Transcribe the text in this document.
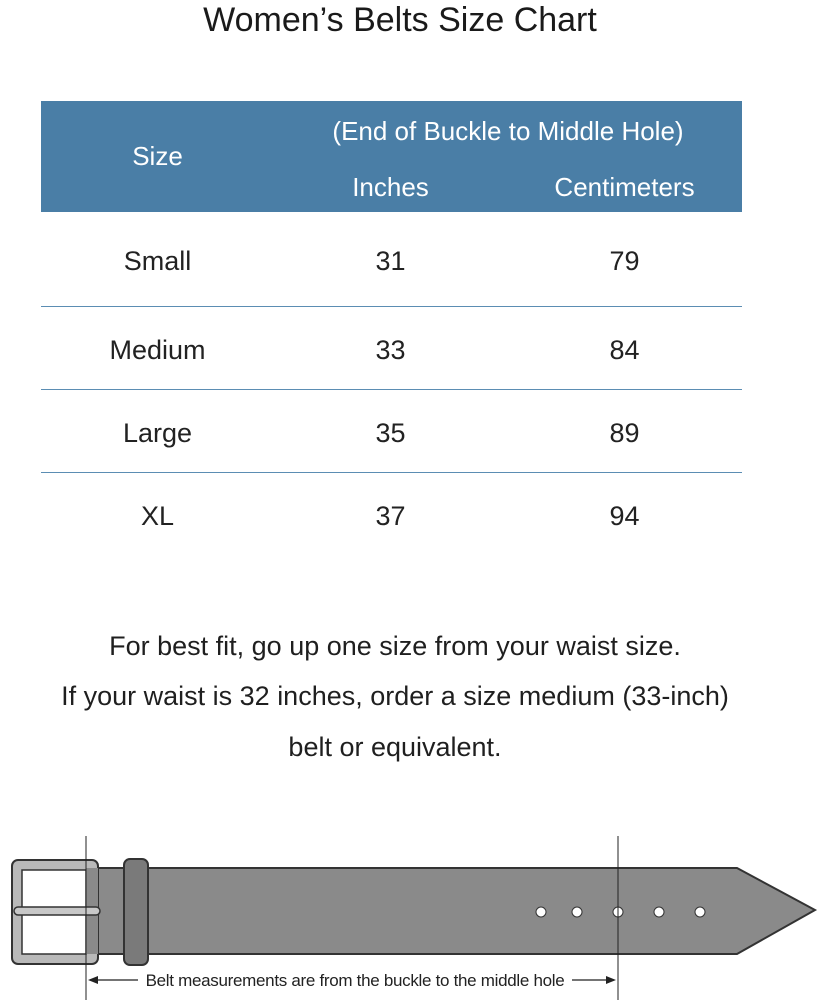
Women’s Belts Size Chart
Size
(End of Buckle to Middle Hole)
Inches	Centimeters
Small	31	79
Medium	33	84
Large	35	89
XL	37	94
For best fit, go up one size from your waist size.
If your waist is 32 inches, order a size medium (33-inch)
belt or equivalent.
Belt measurements are from the buckle to the middle hole
